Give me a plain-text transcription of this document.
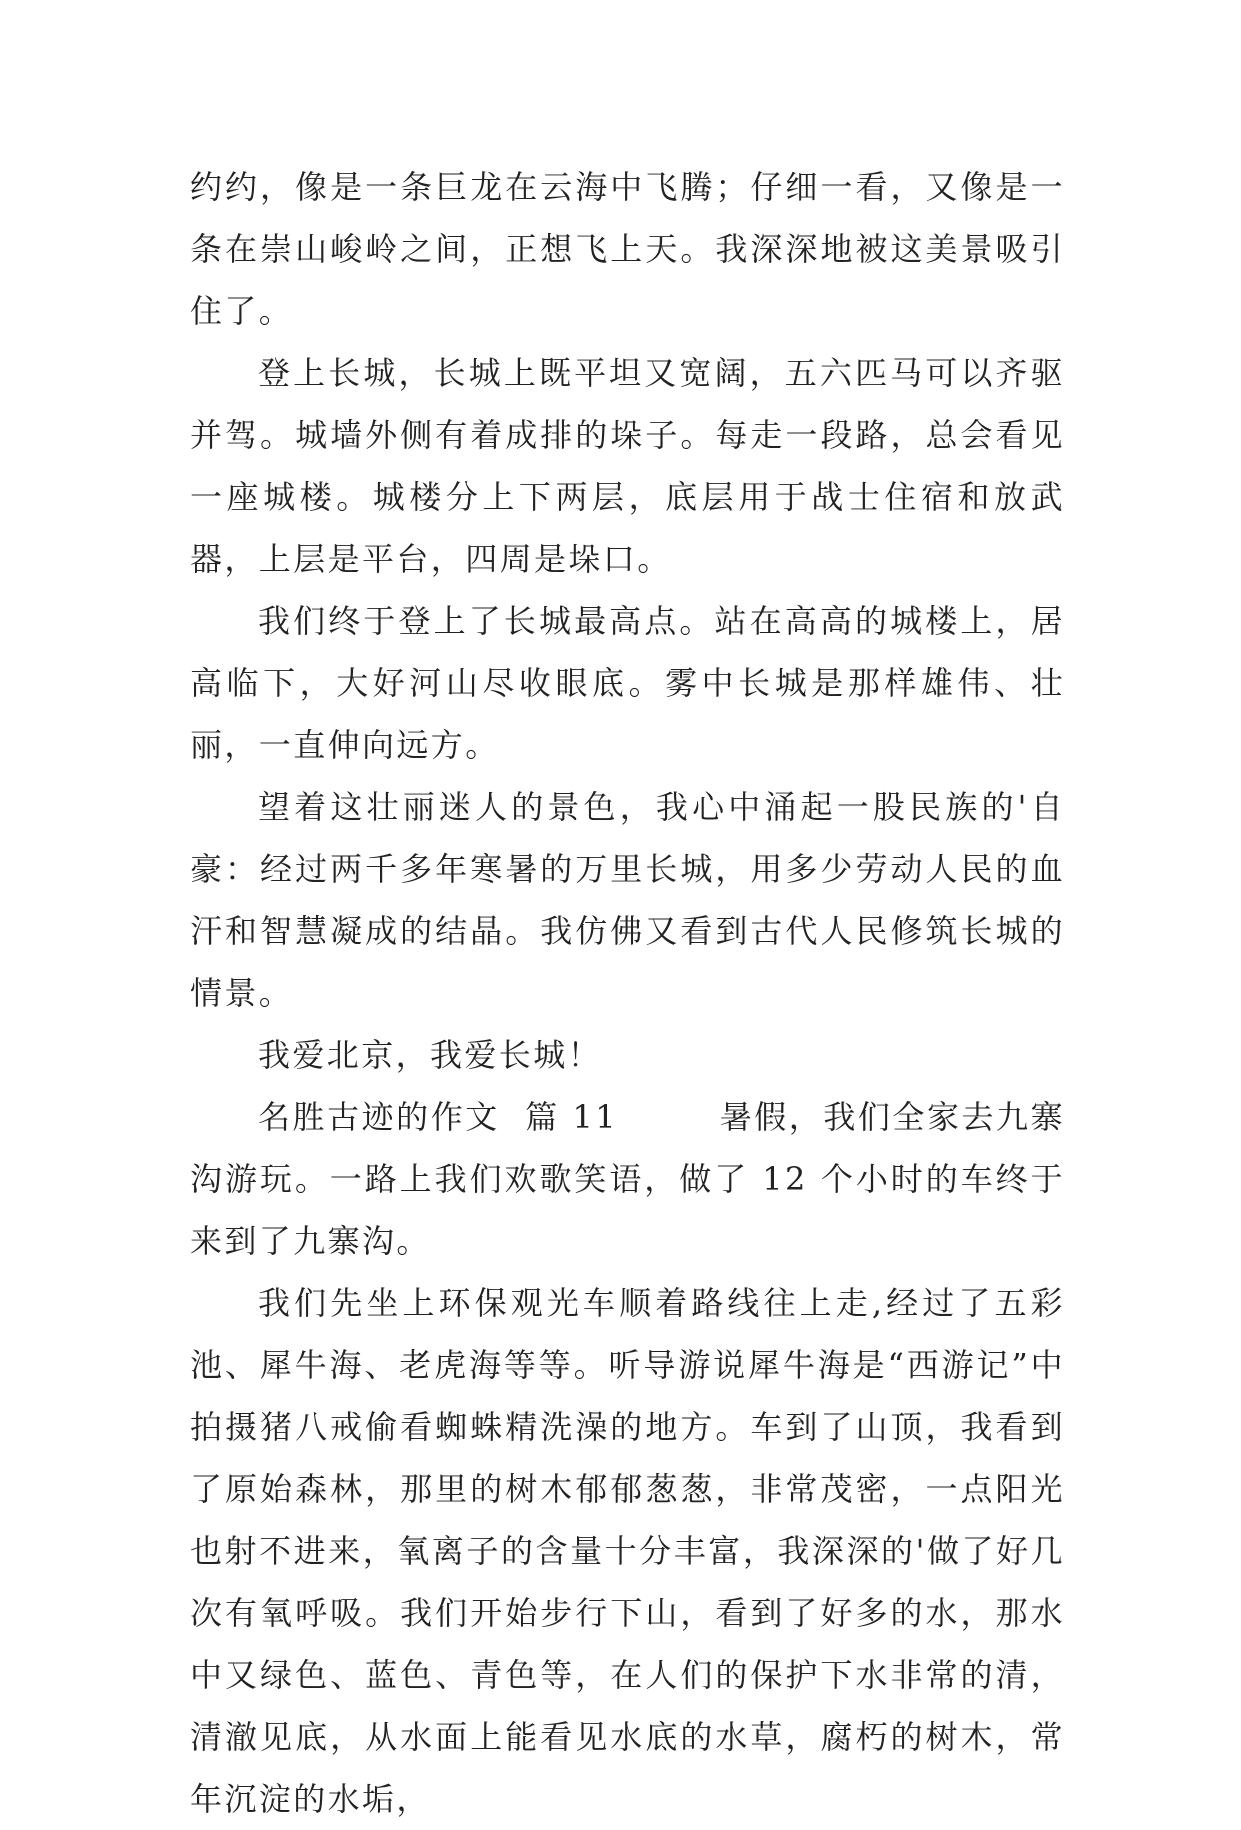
约约，像是一条巨龙在云海中飞腾；仔细一看，又像是一条在崇山峻岭之间，正想飞上天。我深深地被这美景吸引住了。

登上长城，长城上既平坦又宽阔，五六匹马可以齐驱并驾。城墙外侧有着成排的垛子。每走一段路，总会看见一座城楼。城楼分上下两层，底层用于战士住宿和放武器，上层是平台，四周是垛口。

我们终于登上了长城最高点。站在高高的城楼上，居高临下，大好河山尽收眼底。雾中长城是那样雄伟、壮丽，一直伸向远方。

望着这壮丽迷人的景色，我心中涌起一股民族的'自豪：经过两千多年寒暑的万里长城，用多少劳动人民的血汗和智慧凝成的结晶。我仿佛又看到古代人民修筑长城的情景。

我爱北京，我爱长城！

名胜古迹的作文  篇 11        暑假，我们全家去九寨沟游玩。一路上我们欢歌笑语，做了 12 个小时的车终于来到了九寨沟。

我们先坐上环保观光车顺着路线往上走,经过了五彩池、犀牛海、老虎海等等。听导游说犀牛海是“西游记”中拍摄猪八戒偷看蜘蛛精洗澡的地方。车到了山顶，我看到了原始森林，那里的树木郁郁葱葱，非常茂密，一点阳光也射不进来，氧离子的含量十分丰富，我深深的'做了好几次有氧呼吸。我们开始步行下山，看到了好多的水，那水中又绿色、蓝色、青色等，在人们的保护下水非常的清，清澈见底，从水面上能看见水底的水草，腐朽的树木，常年沉淀的水垢，
